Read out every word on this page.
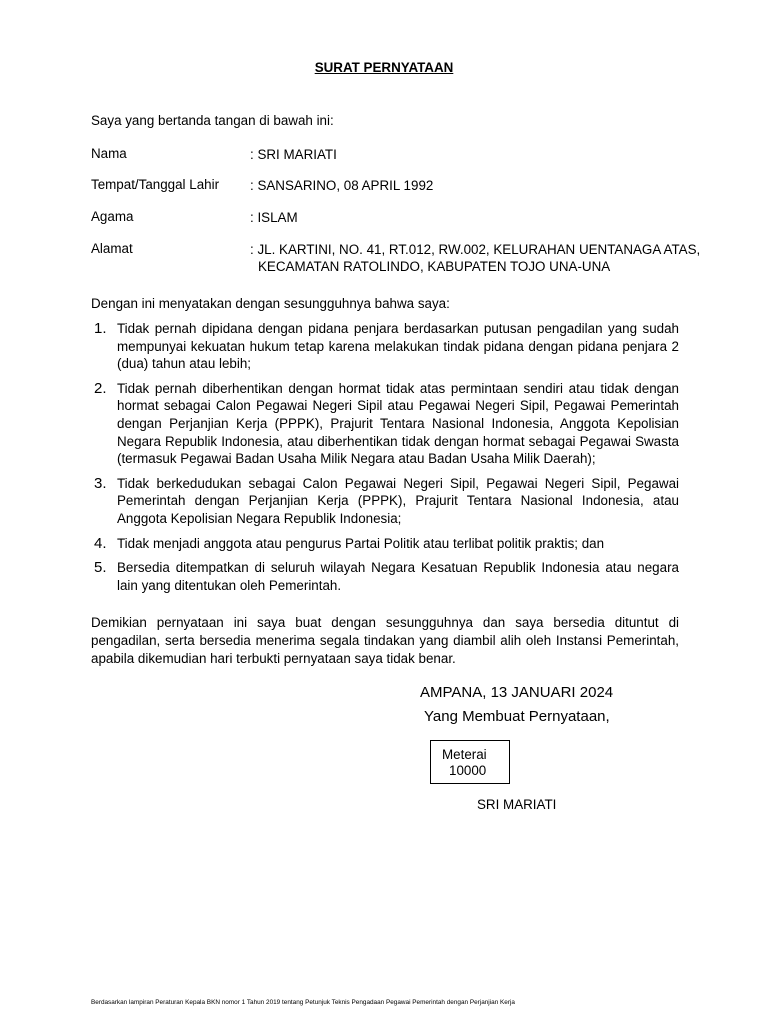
SURAT PERNYATAAN
Saya yang bertanda tangan di bawah ini:
Nama	: SRI MARIATI
Tempat/Tanggal Lahir : SANSARINO, 08 APRIL 1992
Agama	: ISLAM
Alamat	: JL. KARTINI, NO. 41, RT.012, RW.002, KELURAHAN UENTANAGA ATAS,
KECAMATAN RATOLINDO, KABUPATEN TOJO UNA-UNA
Dengan ini menyatakan dengan sesungguhnya bahwa saya:
1. Tidak pernah dipidana dengan pidana penjara berdasarkan putusan pengadilan yang sudah mempunyai kekuatan hukum tetap karena melakukan tindak pidana dengan pidana penjara 2 (dua) tahun atau lebih;
2. Tidak pernah diberhentikan dengan hormat tidak atas permintaan sendiri atau tidak dengan hormat sebagai Calon Pegawai Negeri Sipil atau Pegawai Negeri Sipil, Pegawai Pemerintah dengan Perjanjian Kerja (PPPK), Prajurit Tentara Nasional Indonesia, Anggota Kepolisian Negara Republik Indonesia, atau diberhentikan tidak dengan hormat sebagai Pegawai Swasta (termasuk Pegawai Badan Usaha Milik Negara atau Badan Usaha Milik Daerah);
3. Tidak berkedudukan sebagai Calon Pegawai Negeri Sipil, Pegawai Negeri Sipil, Pegawai Pemerintah dengan Perjanjian Kerja (PPPK), Prajurit Tentara Nasional Indonesia, atau Anggota Kepolisian Negara Republik Indonesia;
4. Tidak menjadi anggota atau pengurus Partai Politik atau terlibat politik praktis; dan
5. Bersedia ditempatkan di seluruh wilayah Negara Kesatuan Republik Indonesia atau negara lain yang ditentukan oleh Pemerintah.
Demikian pernyataan ini saya buat dengan sesungguhnya dan saya bersedia dituntut di pengadilan, serta bersedia menerima segala tindakan yang diambil alih oleh Instansi Pemerintah, apabila dikemudian hari terbukti pernyataan saya tidak benar.
AMPANA, 13 JANUARI 2024
Yang Membuat Pernyataan,
Meterai
10000
SRI MARIATI
Berdasarkan lampiran Peraturan Kepala BKN nomor 1 Tahun 2019 tentang Petunjuk Teknis Pengadaan Pegawai Pemerintah dengan Perjanjian Kerja
